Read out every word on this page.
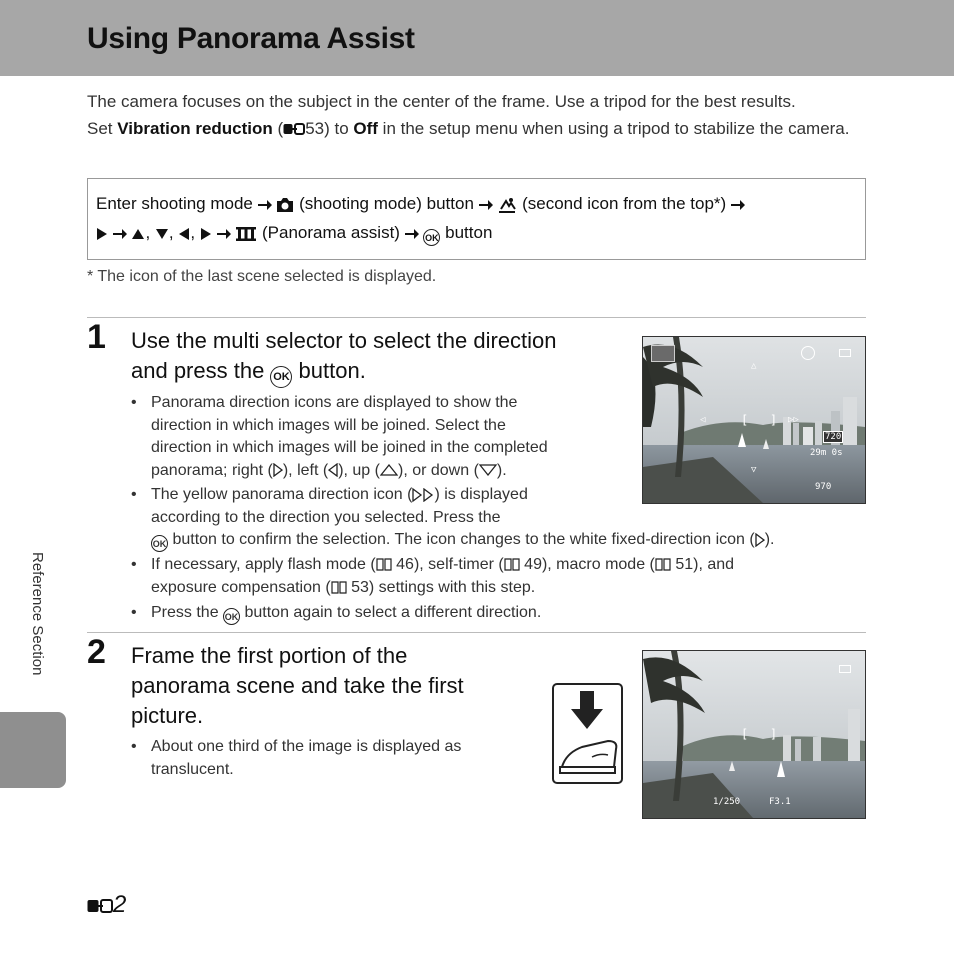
Using Panorama Assist
The camera focuses on the subject in the center of the frame. Use a tripod for the best results.
Set Vibration reduction ( 53) to Off in the setup menu when using a tripod to stabilize the camera.
Enter shooting mode   (shooting mode) button   (second icon from the top*)
, , ,	(Panorama assist)  OK button
* The icon of the last scene selected is displayed.
1 Use the multi selector to select the direction
and press the OK button.
• Panorama direction icons are displayed to show the
direction in which images will be joined. Select the
direction in which images will be joined in the completed
panorama; right ( ), left ( ), up ( ), or down ( ).
• The yellow panorama direction icon ( ) is displayed
according to the direction you selected. Press the

OK button to confirm the selection. The icon changes to the white fixed-direction icon ( ).
• If necessary, apply flash mode ( 46), self-timer ( 49), macro mode ( 51), and
exposure compensation ( 53) settings with this step.
• Press the OK button again to select a different direction.
△
◁	▷▷
[   ]
▽
720
29m 0s
970
2 Frame the first portion of the
panorama scene and take the first
picture.
• About one third of the image is displayed as
translucent.
[   ]
1/250	F3.1
Reference Section
2
